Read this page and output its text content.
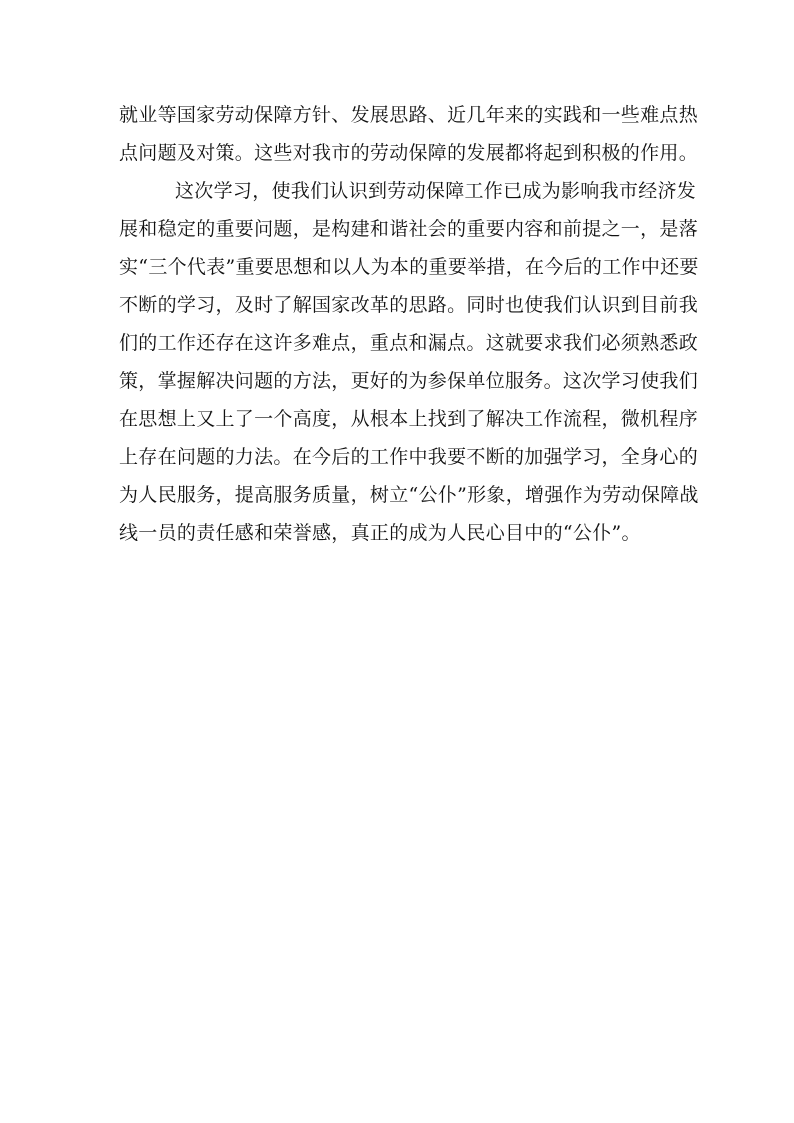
就业等国家劳动保障方针、发展思路、近几年来的实践和一些难点热
点问题及对策。这些对我市的劳动保障的发展都将起到积极的作用。
这次学习，使我们认识到劳动保障工作已成为影响我市经济发
展和稳定的重要问题，是构建和谐社会的重要内容和前提之一，是落
实“三个代表”重要思想和以人为本的重要举措，在今后的工作中还要
不断的学习，及时了解国家改革的思路。同时也使我们认识到目前我
们的工作还存在这许多难点，重点和漏点。这就要求我们必须熟悉政
策，掌握解决问题的方法，更好的为参保单位服务。这次学习使我们
在思想上又上了一个高度，从根本上找到了解决工作流程，微机程序
上存在问题的力法。在今后的工作中我要不断的加强学习，全身心的
为人民服务，提高服务质量，树立“公仆”形象，增强作为劳动保障战
线一员的责任感和荣誉感，真正的成为人民心目中的“公仆”。
